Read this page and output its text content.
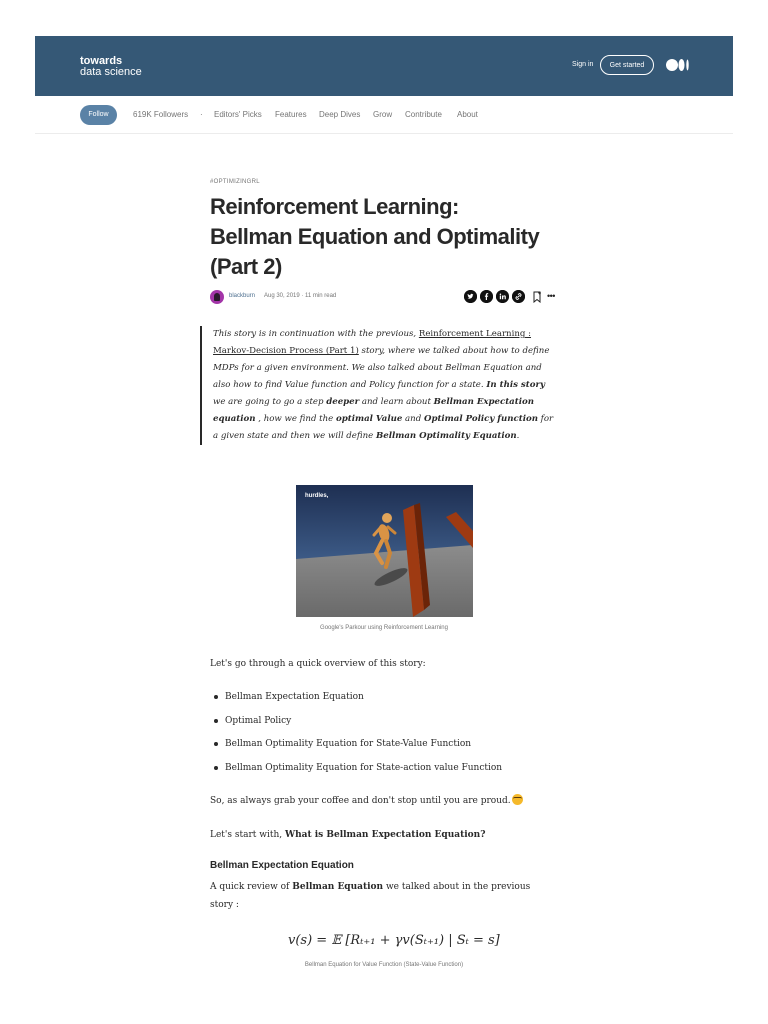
towards
data science
Sign in	Get started
Follow	619K Followers · Editors' Picks Features Deep Dives Grow Contribute About
#OPTIMIZINGRL
Reinforcement Learning: Bellman Equation and Optimality (Part 2)
blackburn Aug 30, 2019 · 11 min read	•••
This story is in continuation with the previous, Reinforcement Learning : Markov-Decision Process (Part 1) story, where we talked about how to define MDPs for a given environment. We also talked about Bellman Equation and also how to find Value function and Policy function for a state. In this story we are going to go a step deeper and learn about Bellman Expectation equation , how we find the optimal Value and Optimal Policy function for a given state and then we will define Bellman Optimality Equation.
hurdles,
Google's Parkour using Reinforcement Learning

Let's go through a quick overview of this story:

Bellman Expectation Equation
Optimal Policy
Bellman Optimality Equation for State-Value Function
Bellman Optimality Equation for State-action value Function

So, as always grab your coffee and don't stop until you are proud.

Let's start with, What is Bellman Expectation Equation?

Bellman Expectation Equation

A quick review of Bellman Equation we talked about in the previous story :

v(s) = 𝔼 [Rₜ₊₁ + γv(Sₜ₊₁) | Sₜ = s]
Bellman Equation for Value Function (State-Value Function)
